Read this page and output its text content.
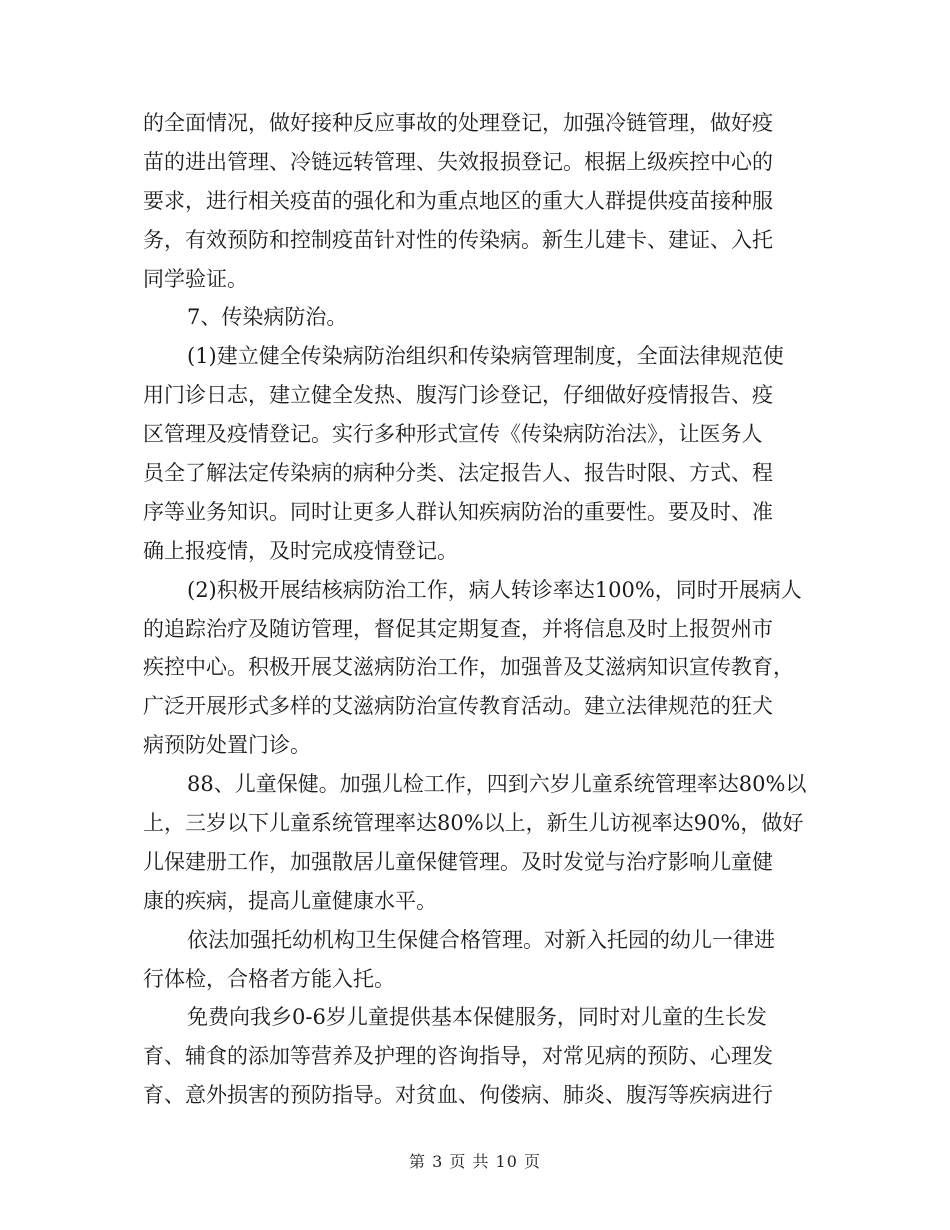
的全面情况，做好接种反应事故的处理登记，加强冷链管理，做好疫
苗的进出管理、冷链远转管理、失效报损登记。根据上级疾控中心的
要求，进行相关疫苗的强化和为重点地区的重大人群提供疫苗接种服
务，有效预防和控制疫苗针对性的传染病。新生儿建卡、建证、入托
同学验证。
7、传染病防治。
(1)建立健全传染病防治组织和传染病管理制度，全面法律规范使
用门诊日志，建立健全发热、腹泻门诊登记，仔细做好疫情报告、疫
区管理及疫情登记。实行多种形式宣传《传染病防治法》，让医务人
员全了解法定传染病的病种分类、法定报告人、报告时限、方式、程
序等业务知识。同时让更多人群认知疾病防治的重要性。要及时、准
确上报疫情，及时完成疫情登记。
(2)积极开展结核病防治工作，病人转诊率达100%，同时开展病人
的追踪治疗及随访管理，督促其定期复查，并将信息及时上报贺州市
疾控中心。积极开展艾滋病防治工作，加强普及艾滋病知识宣传教育，
广泛开展形式多样的艾滋病防治宣传教育活动。建立法律规范的狂犬
病预防处置门诊。
88、儿童保健。加强儿检工作，四到六岁儿童系统管理率达80%以
上，三岁以下儿童系统管理率达80%以上，新生儿访视率达90%，做好
儿保建册工作，加强散居儿童保健管理。及时发觉与治疗影响儿童健
康的疾病，提高儿童健康水平。
依法加强托幼机构卫生保健合格管理。对新入托园的幼儿一律进
行体检，合格者方能入托。
免费向我乡0-6岁儿童提供基本保健服务，同时对儿童的生长发
育、辅食的添加等营养及护理的咨询指导，对常见病的预防、心理发
育、意外损害的预防指导。对贫血、佝偻病、肺炎、腹泻等疾病进行
第 3 页 共 10 页
